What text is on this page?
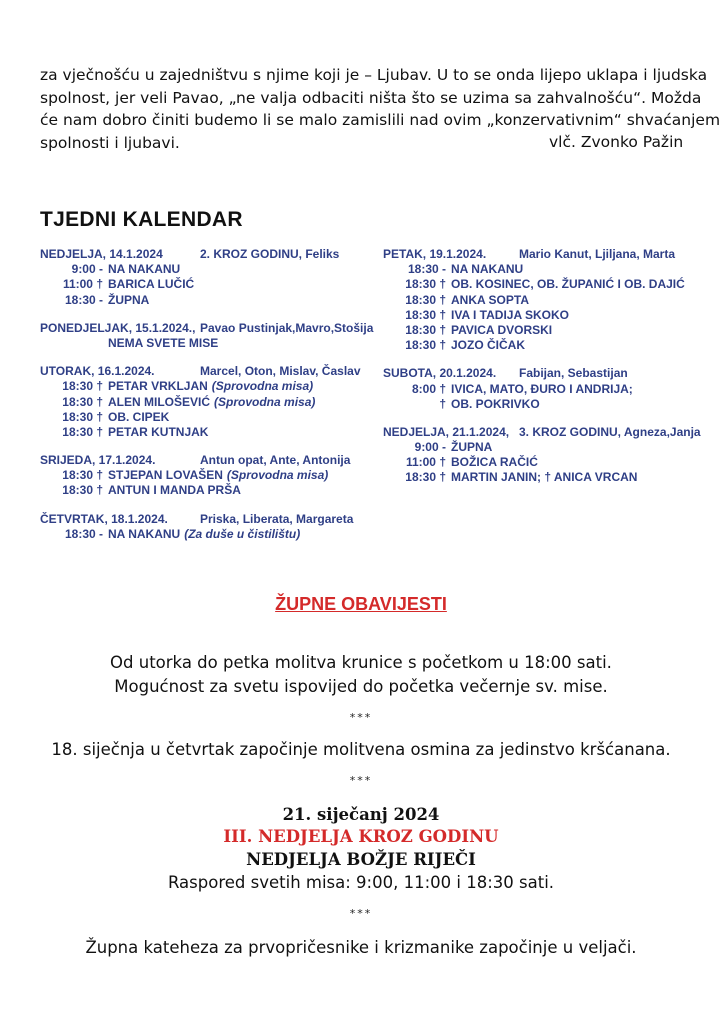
za vječnošću u zajedništvu s njime koji je – Ljubav. U to se onda lijepo uklapa i ljudska
spolnost, jer veli Pavao, „ne valja odbaciti ništa što se uzima sa zahvalnošću“. Možda
će nam dobro činiti budemo li se malo zamislili nad ovim „konzervativnim“ shvaćanjem
spolnosti i ljubavi.	vlč. Zvonko Pažin
TJEDNI KALENDAR
NEDJELJA, 14.1.2024	2. KROZ GODINU, Feliks
9:00 - NA NAKANU
11:00 † BARICA LUČIĆ
18:30 - ŽUPNA
PONEDJELJAK, 15.1.2024., Pavao Pustinjak,Mavro,Stošija
NEMA SVETE MISE
UTORAK, 16.1.2024.	Marcel, Oton, Mislav, Časlav
18:30 † PETAR VRKLJAN (Sprovodna misa)
18:30 † ALEN MILOŠEVIĆ (Sprovodna misa)
18:30 † OB. CIPEK
18:30 † PETAR KUTNJAK
SRIJEDA, 17.1.2024.	Antun opat, Ante, Antonija
18:30 † STJEPAN LOVAŠEN (Sprovodna misa)
18:30 † ANTUN I MANDA PRŠA
ČETVRTAK, 18.1.2024.	Priska, Liberata, Margareta
18:30 - NA NAKANU (Za duše u čistilištu)
PETAK, 19.1.2024.	Mario Kanut, Ljiljana, Marta
18:30 - NA NAKANU
18:30 † OB. KOSINEC, OB. ŽUPANIĆ I OB. DAJIĆ
18:30 † ANKA SOPTA
18:30 † IVA I TADIJA SKOKO
18:30 † PAVICA DVORSKI
18:30 † JOZO ČIČAK
SUBOTA, 20.1.2024. Fabijan, Sebastijan
8:00 † IVICA, MATO, ĐURO I ANDRIJA;
† OB. POKRIVKO
NEDJELJA, 21.1.2024, 3. KROZ GODINU, Agneza,Janja
9:00 - ŽUPNA
11:00 † BOŽICA RAČIĆ
18:30 † MARTIN JANIN; † ANICA VRCAN
ŽUPNE OBAVIJESTI
Od utorka do petka molitva krunice s početkom u 18:00 sati.
Mogućnost za svetu ispovijed do početka večernje sv. mise.
***
18. siječnja u četvrtak započinje molitvena osmina za jedinstvo kršćanana.
***
21. siječanj 2024
III. NEDJELJA KROZ GODINU
NEDJELJA BOŽJE RIJEČI
Raspored svetih misa: 9:00, 11:00 i 18:30 sati.
***
Župna kateheza za prvopričesnike i krizmanike započinje u veljači.
